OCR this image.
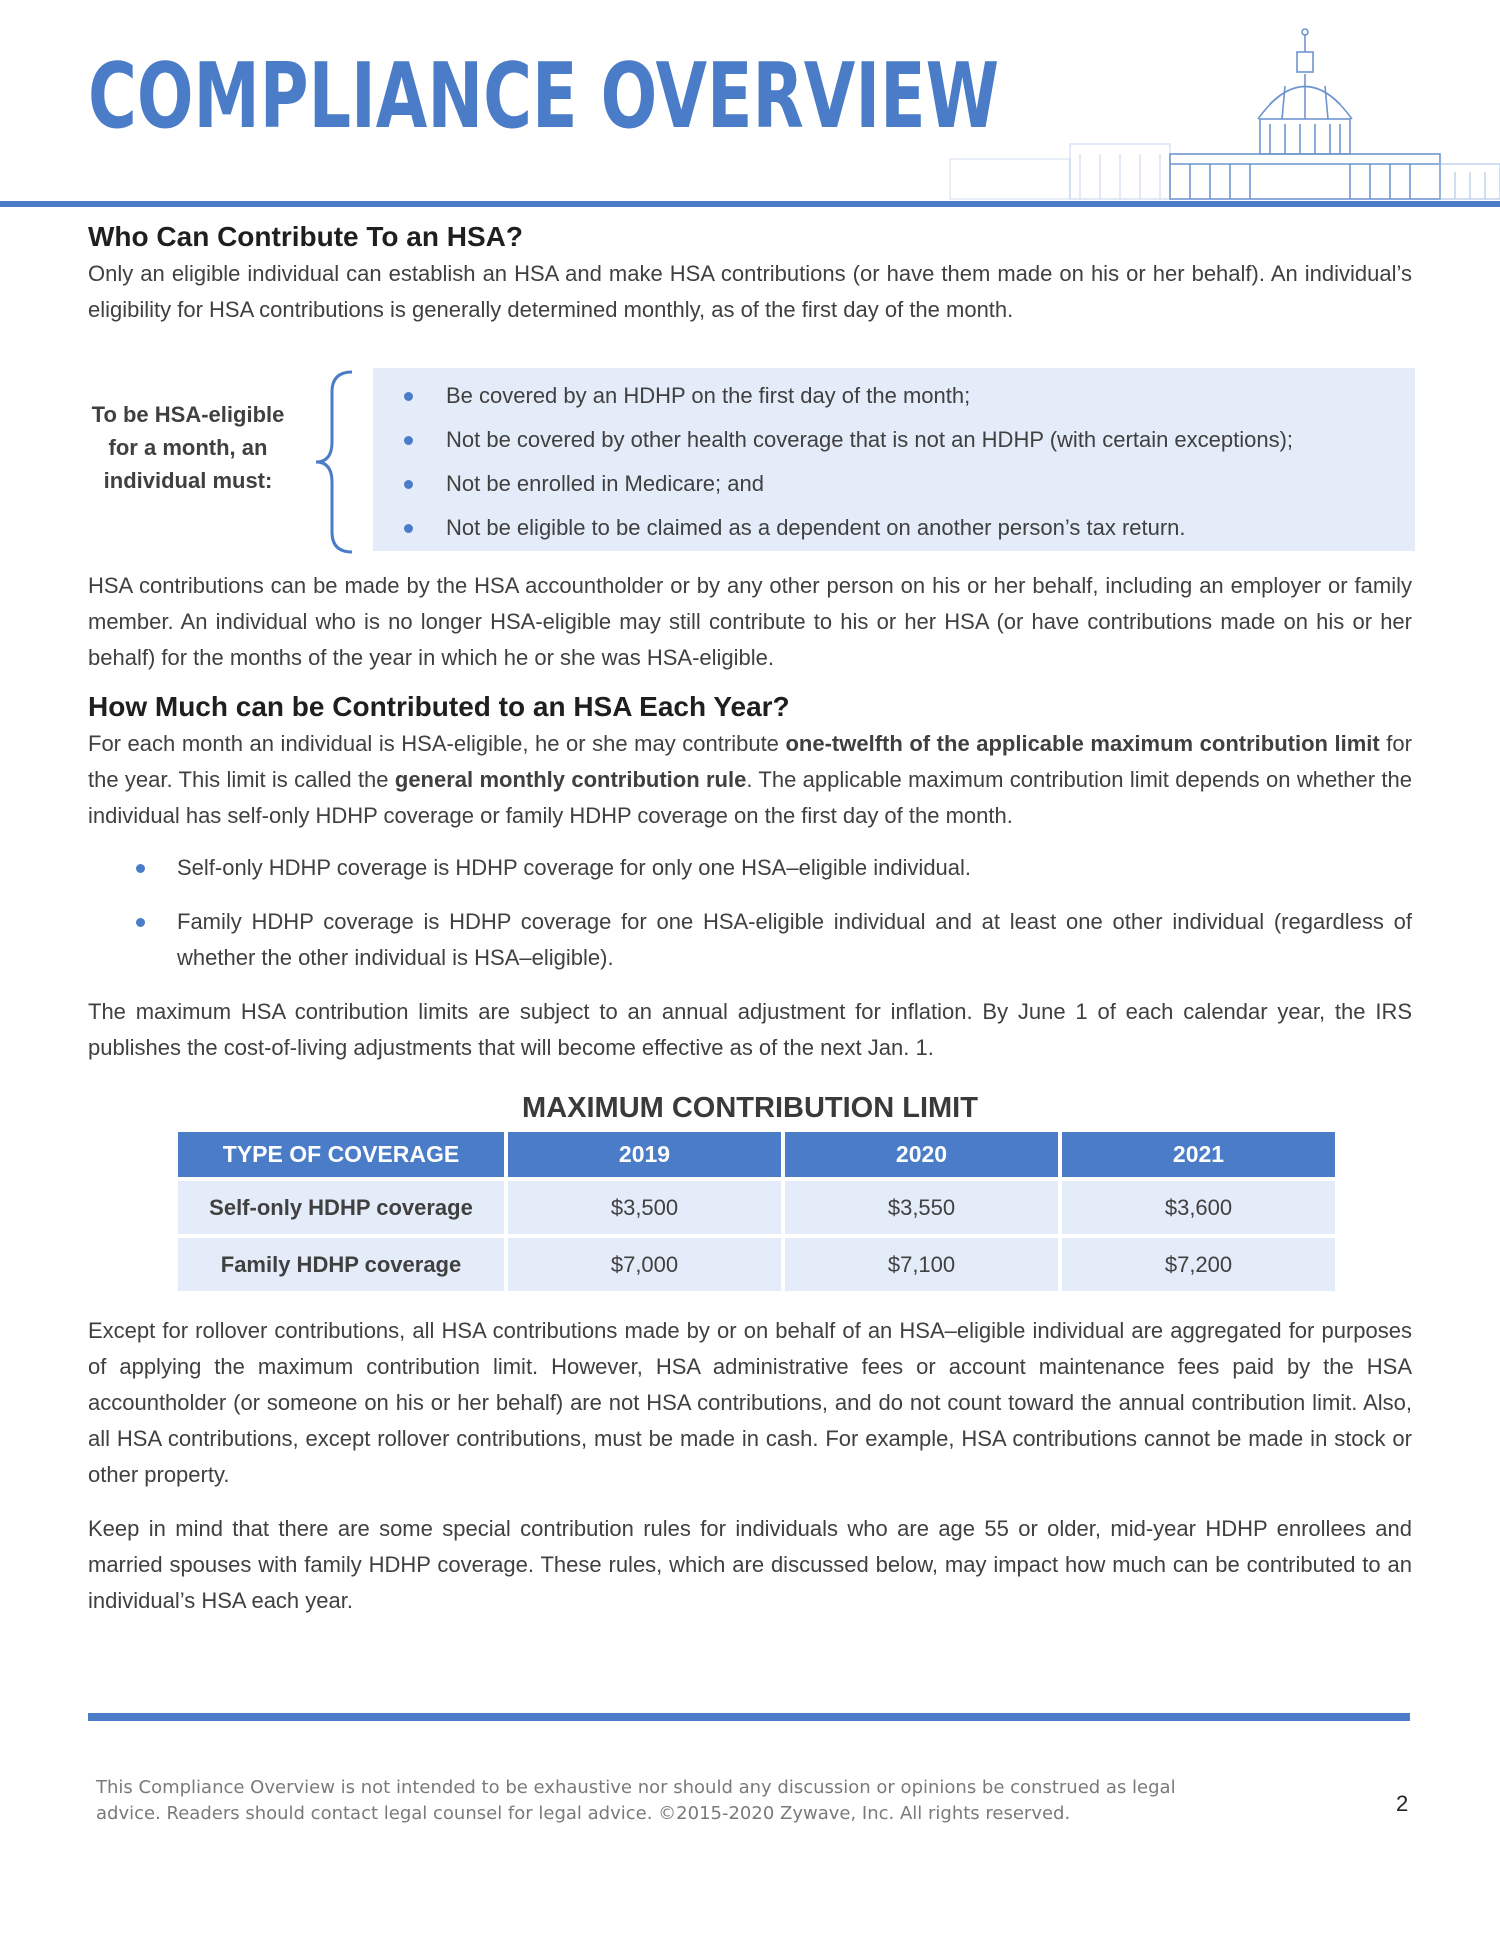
COMPLIANCE OVERVIEW
Who Can Contribute To an HSA?

Only an eligible individual can establish an HSA and make HSA contributions (or have them made on his or her behalf). An individual’s eligibility for HSA contributions is generally determined monthly, as of the first day of the month.

To be HSA-eligible for a month, an individual must:
Be covered by an HDHP on the first day of the month;
Not be covered by other health coverage that is not an HDHP (with certain exceptions);
Not be enrolled in Medicare; and
Not be eligible to be claimed as a dependent on another person’s tax return.

HSA contributions can be made by the HSA accountholder or by any other person on his or her behalf, including an employer or family member. An individual who is no longer HSA-eligible may still contribute to his or her HSA (or have contributions made on his or her behalf) for the months of the year in which he or she was HSA-eligible.

How Much can be Contributed to an HSA Each Year?

For each month an individual is HSA-eligible, he or she may contribute one-twelfth of the applicable maximum contribution limit for the year. This limit is called the general monthly contribution rule. The applicable maximum contribution limit depends on whether the individual has self-only HDHP coverage or family HDHP coverage on the first day of the month.

Self-only HDHP coverage is HDHP coverage for only one HSA–eligible individual.
Family HDHP coverage is HDHP coverage for one HSA-eligible individual and at least one other individual (regardless of whether the other individual is HSA–eligible).

The maximum HSA contribution limits are subject to an annual adjustment for inflation. By June 1 of each calendar year, the IRS publishes the cost-of-living adjustments that will become effective as of the next Jan. 1.

MAXIMUM CONTRIBUTION LIMIT
TYPE OF COVERAGE	2019	2020	2021
Self-only HDHP coverage	$3,500	$3,550	$3,600
Family HDHP coverage	$7,000	$7,100	$7,200

Except for rollover contributions, all HSA contributions made by or on behalf of an HSA–eligible individual are aggregated for purposes of applying the maximum contribution limit. However, HSA administrative fees or account maintenance fees paid by the HSA accountholder (or someone on his or her behalf) are not HSA contributions, and do not count toward the annual contribution limit. Also, all HSA contributions, except rollover contributions, must be made in cash. For example, HSA contributions cannot be made in stock or other property.

Keep in mind that there are some special contribution rules for individuals who are age 55 or older, mid-year HDHP enrollees and married spouses with family HDHP coverage. These rules, which are discussed below, may impact how much can be contributed to an individual’s HSA each year.

This Compliance Overview is not intended to be exhaustive nor should any discussion or opinions be construed as legal advice. Readers should contact legal counsel for legal advice. ©2015-2020 Zywave, Inc. All rights reserved.	2
